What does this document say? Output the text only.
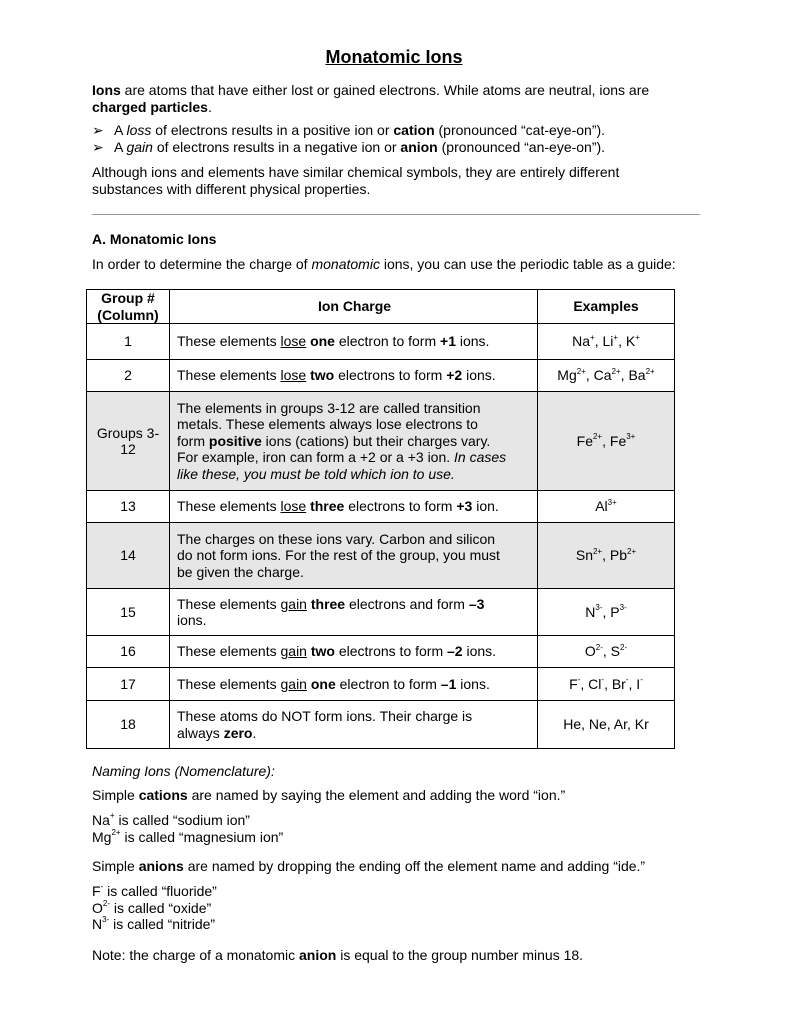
Monatomic Ions
Ions are atoms that have either lost or gained electrons. While atoms are neutral, ions are
charged particles.
➢ A loss of electrons results in a positive ion or cation (pronounced “cat-eye-on”).
➢ A gain of electrons results in a negative ion or anion (pronounced “an-eye-on”).
Although ions and elements have similar chemical symbols, they are entirely different
substances with different physical properties.
A. Monatomic Ions
In order to determine the charge of monatomic ions, you can use the periodic table as a guide:
Group #
(Column)	Ion Charge	Examples
1	These elements lose one electron to form +1 ions.	Na+, Li+, K+
2	These elements lose two electrons to form +2 ions.	$Mg^{2+}$, $Ca^{2+}$, $Ba^{2+}$
Groups 3-
12	The elements in groups 3-12 are called transition
metals. These elements always lose electrons to
form positive ions (cations) but their charges vary.
For example, iron can form a +2 or a +3 ion. In cases
like these, you must be told which ion to use.	$Fe^{2+}$, $Fe^{3+}$
13	These elements lose three electrons to form +3 ion.	$Al^{3+}$
14	The charges on these ions vary. Carbon and silicon
do not form ions. For the rest of the group, you must
be given the charge.	$Sn^{2+}$, $Pb^{2+}$
15	These elements gain three electrons and form –3
ions.	$N^{3-}$, $P^{3-}$
16	These elements gain two electrons to form –2 ions.	$O^{2-}$, $S^{2-}$
17	These elements gain one electron to form –1 ions.	F-, Cl-, Br-, I-
18	These atoms do NOT form ions. Their charge is
always zero.	He, Ne, Ar, Kr
Naming Ions (Nomenclature):
Simple cations are named by saying the element and adding the word “ion.”
Na+ is called “sodium ion”
$Mg^{2+}$ is called “magnesium ion”
Simple anions are named by dropping the ending off the element name and adding “ide.”
F- is called “fluoride”
$O^{2-}$ is called “oxide”
$N^{3-}$ is called “nitride”
Note: the charge of a monatomic anion is equal to the group number minus 18.
